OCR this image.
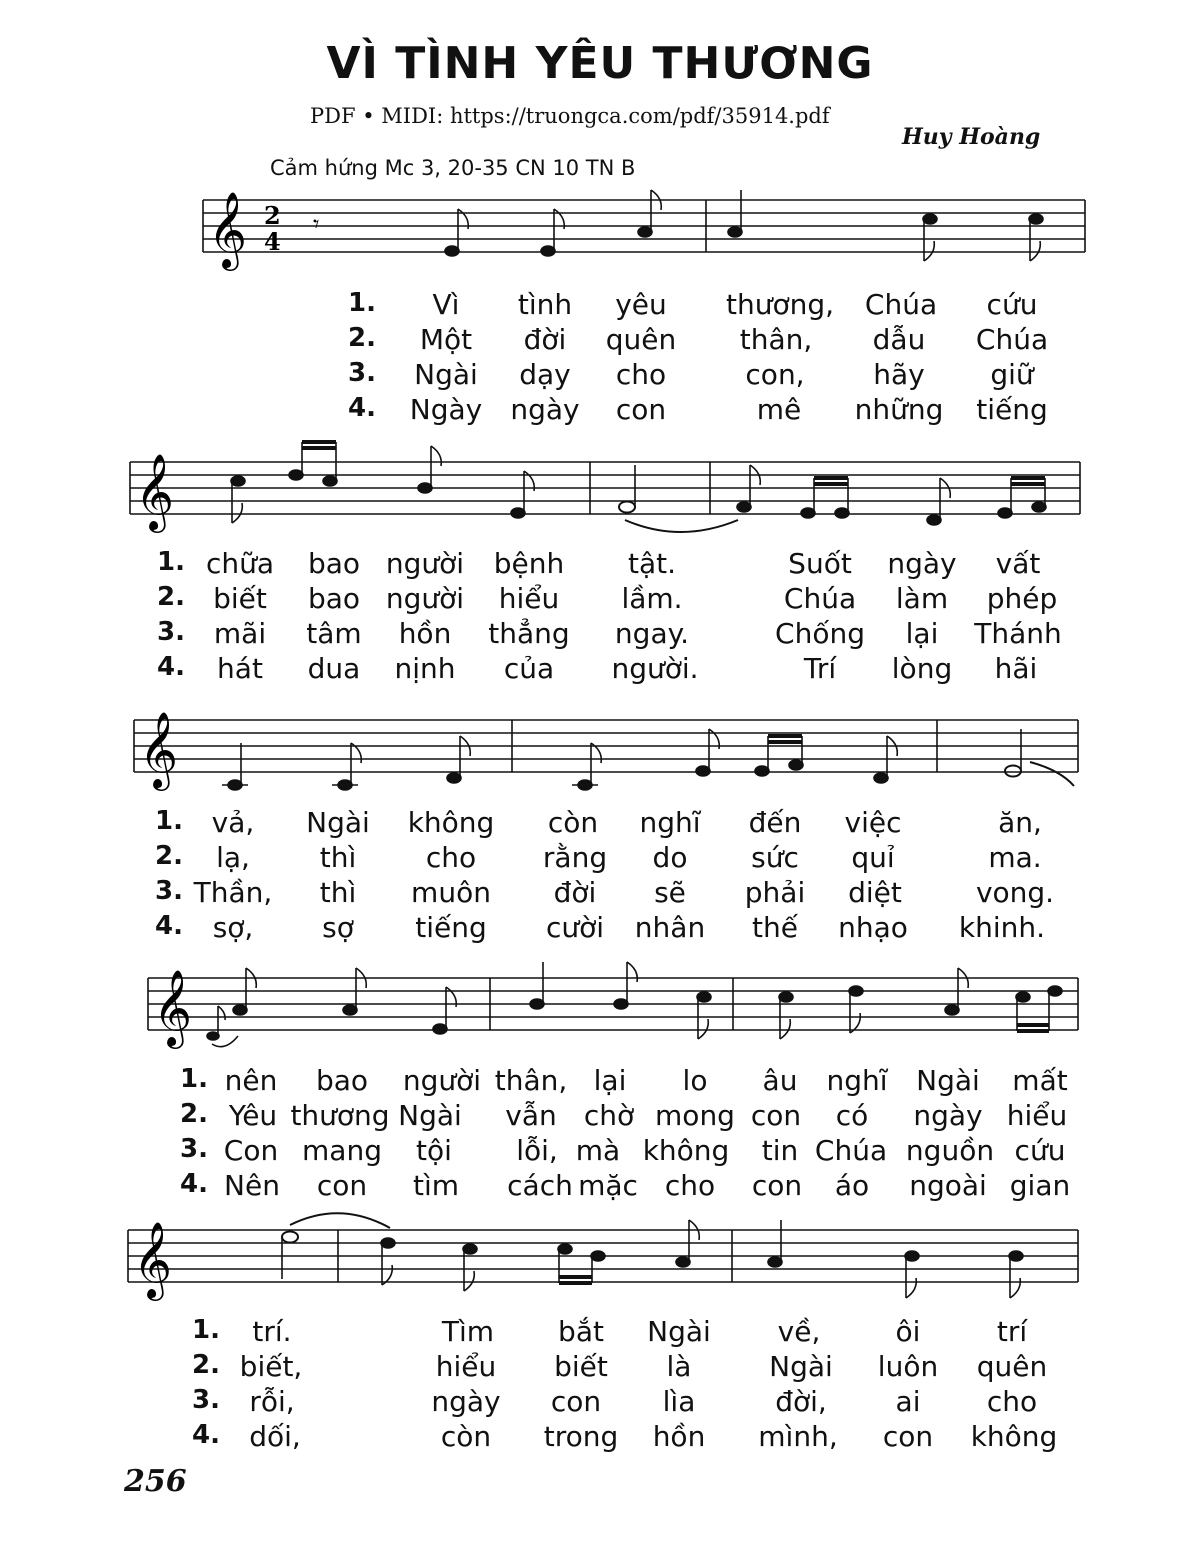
VÌ TÌNH YÊU THƯƠNG
PDF • MIDI: https://truongca.com/pdf/35914.pdf
Huy Hoàng
Cảm hứng Mc 3, 20-35 CN 10 TN B
𝄞 2
4
𝄾
1. Vì tình yêu thương, Chúa cứu
2. Một đời quên thân, dẫu Chúa
3. Ngài dạy cho	con, hãy giữ
4. Ngày ngày con	mê những tiếng
𝄞
1. chữa bao người bệnh tật.	Suốt ngày vất
2. biết bao người hiểu lầm.	Chúa làm phép
3. mãi tâm hồn thẳng ngay.	Chống lại Thánh
4. hát dua nịnh của người.	Trí lòng hãi
𝄞
1. vả, Ngài không còn nghĩ đến việc	ăn,
2. lạ, thì cho rằng do sức quỉ	ma.
3. Thần, thì muôn đời sẽ phải diệt	vong.
4. sợ, sợ tiếng cười nhân thế nhạo khinh.
𝄞
1. nên bao người thân, lại lo âu nghĩ Ngài mất
2. Yêu thương Ngài vẫn chờ mong con có ngày hiểu
3. Con mang tội lỗi, mà không tin Chúa nguồn cứu
4. Nên con tìm cách mặc cho con áo ngoài gian
𝄞
1. trí.	Tìm bắt Ngài về,	ôi	trí
2. biết,	hiểu biết là	Ngài luôn quên
3. rỗi,	ngày con lìa	đời, ai cho
4. dối,	còn trong hồn mình, con không
256
